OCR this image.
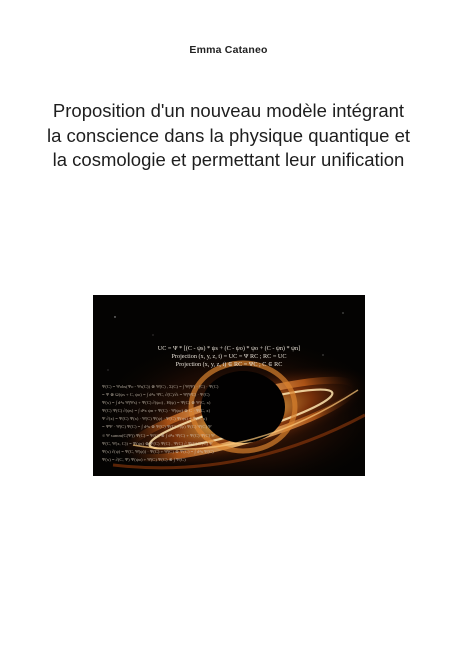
Emma Cataneo
Proposition d'un nouveau modèle intégrant
la conscience dans la physique quantique et
la cosmologie et permettant leur unification
UC = Ψ * [(C - ψs) * ψs + (C - ψo) * ψo + (C - ψn) * ψn]
Projection (x, y, z, t) = UC = Ψ RC ; RC = UC
Projection (x, y, z, t) ∈ RC = ΨC ; C ∈ RC
Ψ(C) = Ψobs(Ψo - Ψs(C)) ⊗ Ψ(C) , Σ(C) = ∫ Ψ(Ψ) · (C) · Ψ(C)
= Ψ ⊗ Ω(ψs + C, ψo) = ∫ d⁴x ΨC, ∂(C)/∂t = Ψ(ΨC) · Ψ(C)
Ψ(x) = ∫ d⁴x Ψ(Ψs) + Ψ(C) ∂(ψo) , H(ψ) = Ψ(C) ⊗ Ψ(C, x)
Ψ(C) Ψ(C) ∂(ψs) = ∫ d⁴x ψn + Ψ(C) · Ψ(ψo) ⊗ C · Ψ(C, x)
Ψ ∂(x) = Ψ(C) Ψ(x) · Ψ(C) Ψ(ψ) · Ψ(C) Ψ(ψs) = Ψ(C, x)
= ΨΨ · Ψ(C) Ψ(C) = ∫ d⁴x ⊗ Ψ(C) Ψ(C) ∂(ψ) Ψ(C) Ψ(C) Ψ
∝ Ψ summ(C(Ψ)) Ψ(C) = Ψ(C) ⊗ ∫ d⁴x Ψ(C) + Ψ(C) Ψ(C) Ψ
Ψ(C, Ψ(x, C)) = Ψ(ψs) ⊗ Ψ(C) Ψ(C) , Ψ(C) ∂ Ψ(C) Ψ(C) Ψ
Ψ(x) ∂(ψ) = Ψ(C, Ψ(ψ)) · Ψ(C) + Ψ(C) ⊗ Ψ(C) = ∫ d⁴x Ψ(C)
Ψ(x) = ∂(C, Ψ) Ψ(ψo) + Ψ(C) Ψ(C) ⊗ ∫ Ψ(C)
